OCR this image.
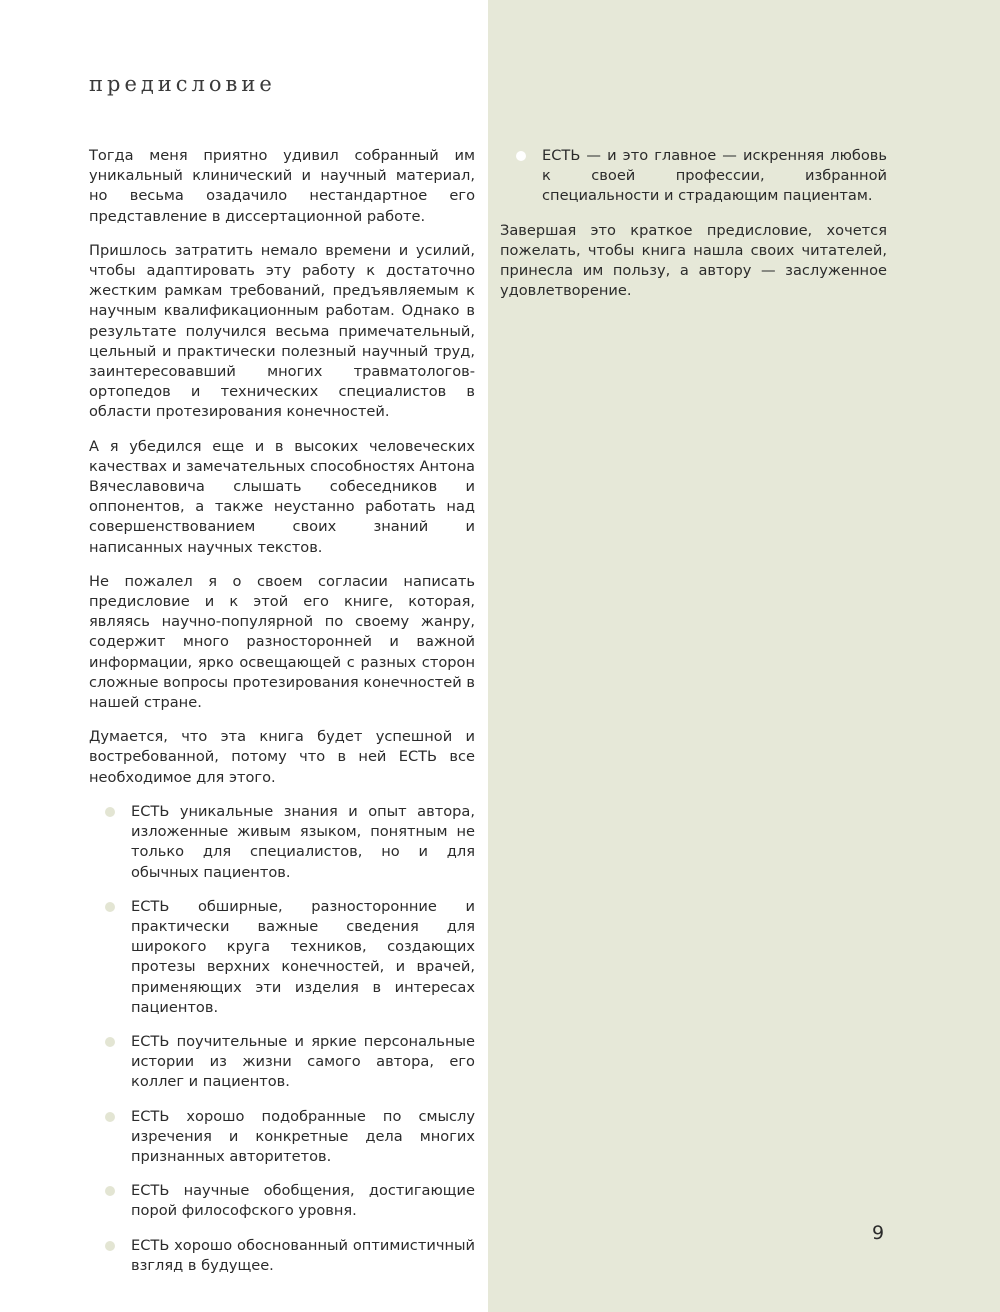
предисловие

Тогда меня приятно удивил собранный им уникальный клинический и научный материал, но весьма озадачило нестандартное его представление в диссертационной работе.

Пришлось затратить немало времени и усилий, чтобы адаптировать эту работу к достаточно жестким рамкам требований, предъявляемым к научным квалификационным работам. Однако в результате получился весьма примечательный, цельный и практически полезный научный труд, заинтересовавший многих травматологов-ортопедов и технических специалистов в области протезирования конечностей.

А я убедился еще и в высоких человеческих качествах и замечательных способностях Антона Вячеславовича слышать собеседников и оппонентов, а также неустанно работать над совершенствованием своих знаний и написанных научных текстов.

Не пожалел я о своем согласии написать предисловие и к этой его книге, которая, являясь научно-популярной по своему жанру, содержит много разносторонней и важной информации, ярко освещающей с разных сторон сложные вопросы протезирования конечностей в нашей стране.

Думается, что эта книга будет успешной и востребованной, потому что в ней ЕСТЬ все необходимое для этого.

ЕСТЬ уникальные знания и опыт автора, изложенные живым языком, понятным не только для специалистов, но и для обычных пациентов.
ЕСТЬ обширные, разносторонние и практически важные сведения для широкого круга техников, создающих протезы верхних конечностей, и врачей, применяющих эти изделия в интересах пациентов.
ЕСТЬ поучительные и яркие персональные истории из жизни самого автора, его коллег и пациентов.
ЕСТЬ хорошо подобранные по смыслу изречения и конкретные дела многих признанных авторитетов.
ЕСТЬ научные обобщения, достигающие порой философского уровня.
ЕСТЬ хорошо обоснованный оптимистичный взгляд в будущее.
ЕСТЬ — и это главное — искренняя любовь к своей профессии, избранной специальности и страдающим пациентам.

Завершая это краткое предисловие, хочется пожелать, чтобы книга нашла своих читателей, принесла им пользу, а автору — заслуженное удовлетворение.

9
